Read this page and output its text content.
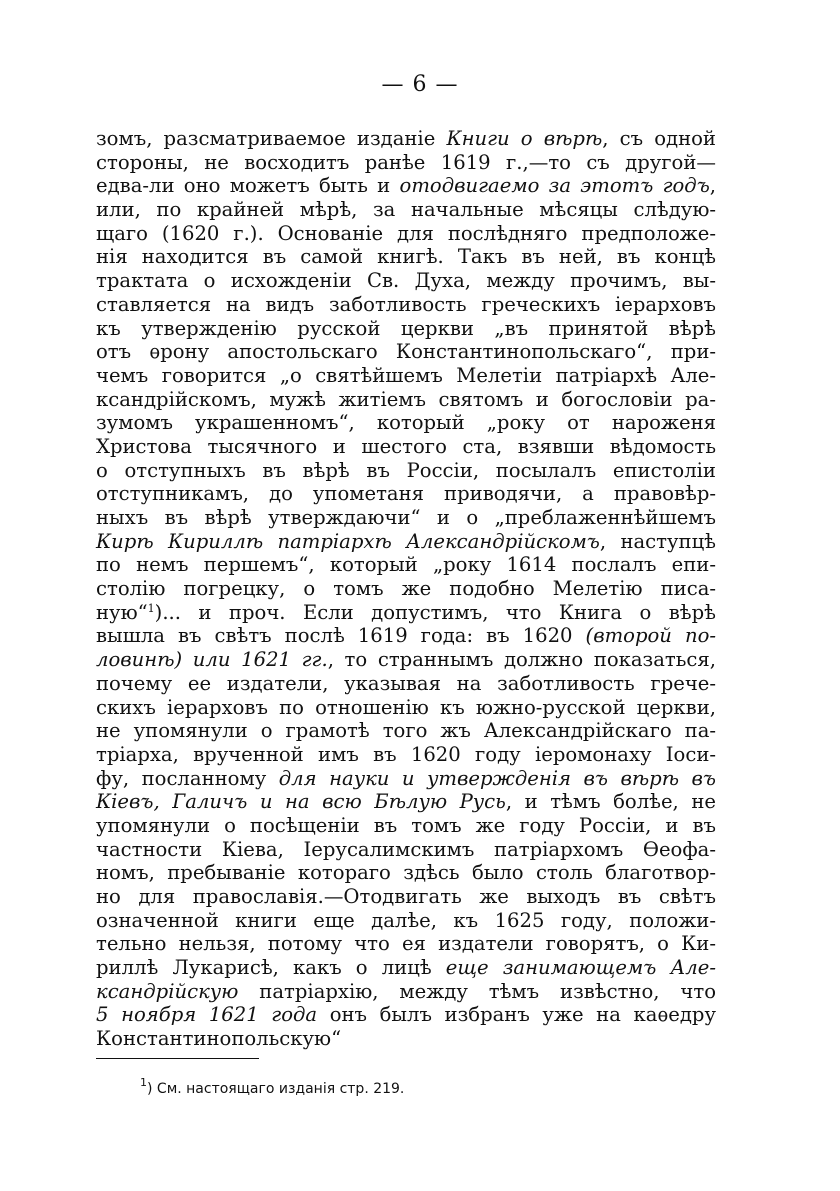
— 6 —
зомъ, разсматриваемое изданіе Книги о вѣрѣ, съ одной
стороны, не восходитъ ранѣе 1619 г.,—то съ другой—
едва-ли оно можетъ быть и отодвигаемо за этотъ годъ,
или, по крайней мѣрѣ, за начальные мѣсяцы слѣдую-
щаго (1620 г.). Основаніе для послѣдняго предположе-
нія находится въ самой книгѣ. Такъ въ ней, въ концѣ
трактата о исхожденіи Св. Духа, между прочимъ, вы-
ставляется на видъ заботливость греческихъ іерарховъ
къ утвержденію русской церкви „въ принятой вѣрѣ
отъ ѳрону апостольскаго Константинопольскаго“, при-
чемъ говорится „о святѣйшемъ Мелетіи патріархѣ Але-
ксандрійскомъ, мужѣ житіемъ святомъ и богословіи ра-
зумомъ украшенномъ“, который „року от нароженя
Христова тысячного и шестого ста, взявши вѣдомость
о отступныхъ въ вѣрѣ въ Россіи, посылалъ епистоліи
отступникамъ, до упометаня приводячи, а правовѣр-
ныхъ въ вѣрѣ утверждаючи“ и о „преблаженнѣйшемъ
Кирѣ Кириллѣ патріархѣ Александрійскомъ, наступцѣ
по немъ першемъ“, который „року 1614 послалъ епи-
столію погрецку, о томъ же подобно Мелетію писа-
ную“$^1$)... и проч. Если допустимъ, что Книга о вѣрѣ
вышла въ свѣтъ послѣ 1619 года: въ 1620 (второй по-
ловинѣ) или 1621 гг., то страннымъ должно показаться,
почему ее издатели, указывая на заботливость грече-
скихъ іерарховъ по отношенію къ южно-русской церкви,
не упомянули о грамотѣ того жъ Александрійскаго па-
тріарха, врученной имъ въ 1620 году іеромонаху Іоси-
фу, посланному для науки и утвержденія въ вѣрѣ въ
Кіевъ, Галичъ и на всю Бѣлую Русь, и тѣмъ болѣе, не
упомянули о посѣщеніи въ томъ же году Россіи, и въ
частности Кіева, Іерусалимскимъ патріархомъ Ѳеофа-
номъ, пребываніе котораго здѣсь было столь благотвор-
но для православія.—Отодвигать же выходъ въ свѣтъ
означенной книги еще далѣе, къ 1625 году, положи-
тельно нельзя, потому что ея издатели говорятъ, о Ки-
риллѣ Лукарисѣ, какъ о лицѣ еще занимающемъ Але-
ксандрійскую патріархію, между тѣмъ извѣстно, что
5 ноября 1621 года онъ былъ избранъ уже на каѳедру
Константинопольскую“
$^1$) См. настоящаго изданія стр. 219.
